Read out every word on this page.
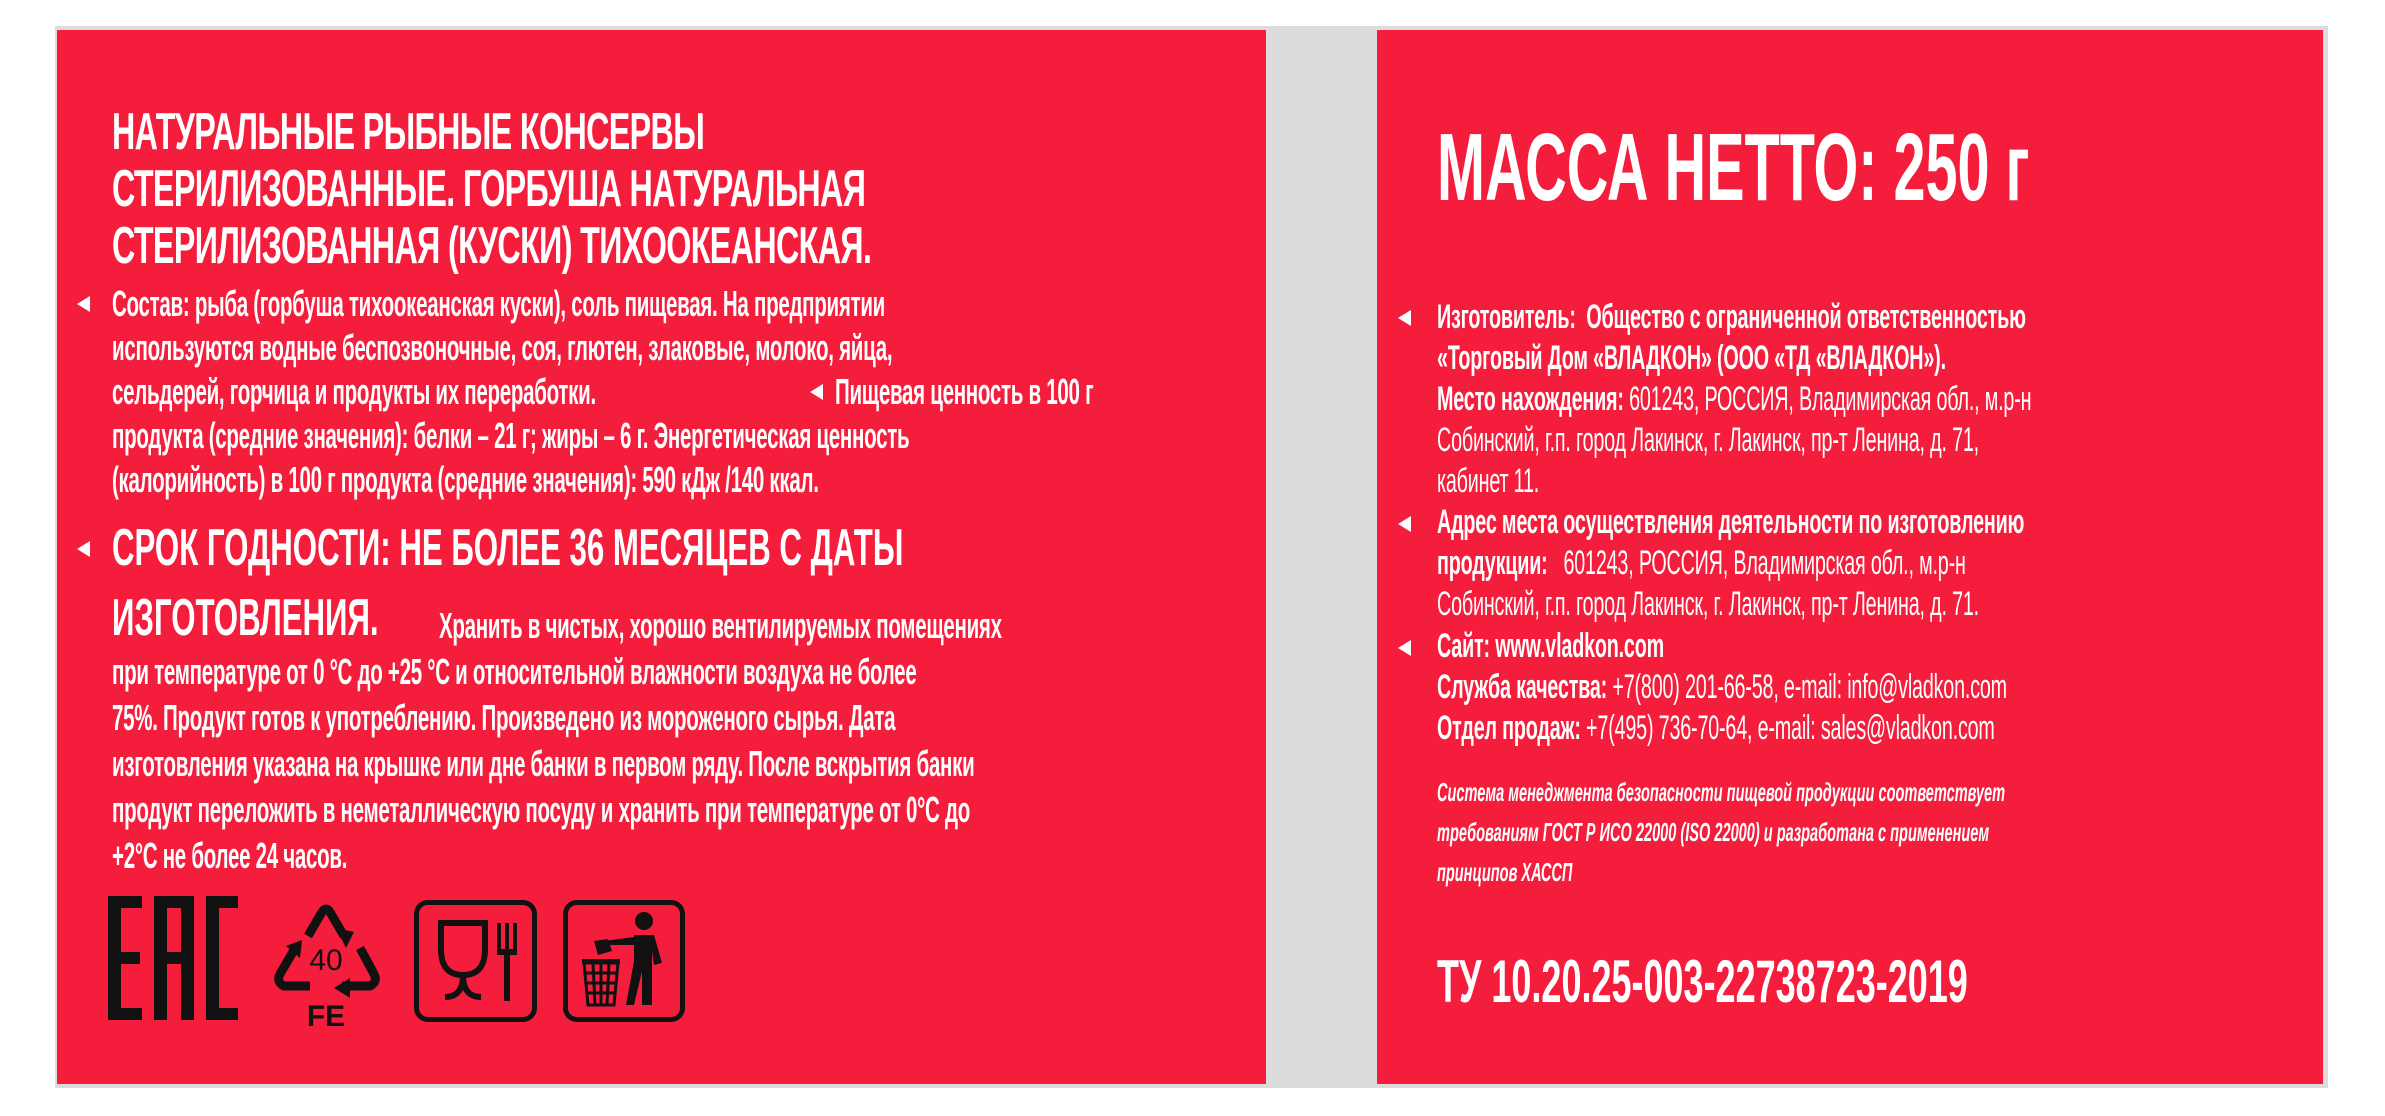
НАТУРАЛЬНЫЕ РЫБНЫЕ КОНСЕРВЫ
СТЕРИЛИЗОВАННЫЕ. ГОРБУША НАТУРАЛЬНАЯ
СТЕРИЛИЗОВАННАЯ (КУСКИ) ТИХООКЕАНСКАЯ.
Состав: рыба (горбуша тихоокеанская куски), соль пищевая. На предприятии
используются водные беспозвоночные, соя, глютен, злаковые, молоко, яйца,
сельдерей, горчица и продукты их переработки.	Пищевая ценность в 100 г
продукта (средние значения): белки – 21 г; жиры – 6 г. Энергетическая ценность
(калорийность) в 100 г продукта (средние значения): 590 кДж /140 ккал.
СРОК ГОДНОСТИ: НЕ БОЛЕЕ 36 МЕСЯЦЕВ С ДАТЫ
ИЗГОТОВЛЕНИЯ. Хранить в чистых, хорошо вентилируемых помещениях
при температуре от 0 °С до +25 °С и относительной влажности воздуха не более
75%. Продукт готов к употреблению. Произведено из мороженого сырья. Дата
изготовления указана на крышке или дне банки в первом ряду. После вскрытия банки
продукт переложить в неметаллическую посуду и хранить при температуре от 0°С до
+2°С не более 24 часов.
40
FE
МАССА НЕТТО: 250 г
Изготовитель: Общество с ограниченной ответственностью
«Торговый Дом «ВЛАДКОН» (ООО «ТД «ВЛАДКОН»).
Место нахождения: 601243, РОССИЯ, Владимирская обл., м.р-н
Собинский, г.п. город Лакинск, г. Лакинск, пр-т Ленина, д. 71,
кабинет 11.
Адрес места осуществления деятельности по изготовлению
продукции: 601243, РОССИЯ, Владимирская обл., м.р-н
Собинский, г.п. город Лакинск, г. Лакинск, пр-т Ленина, д. 71.
Сайт: www.vladkon.com
Служба качества: +7(800) 201-66-58, e-mail: info@vladkon.com
Отдел продаж: +7(495) 736-70-64, e-mail: sales@vladkon.com
Система менеджмента безопасности пищевой продукции соответствует
требованиям ГОСТ Р ИСО 22000 (ISO 22000) и разработана с применением
принципов ХАССП
ТУ 10.20.25-003-22738723-2019
